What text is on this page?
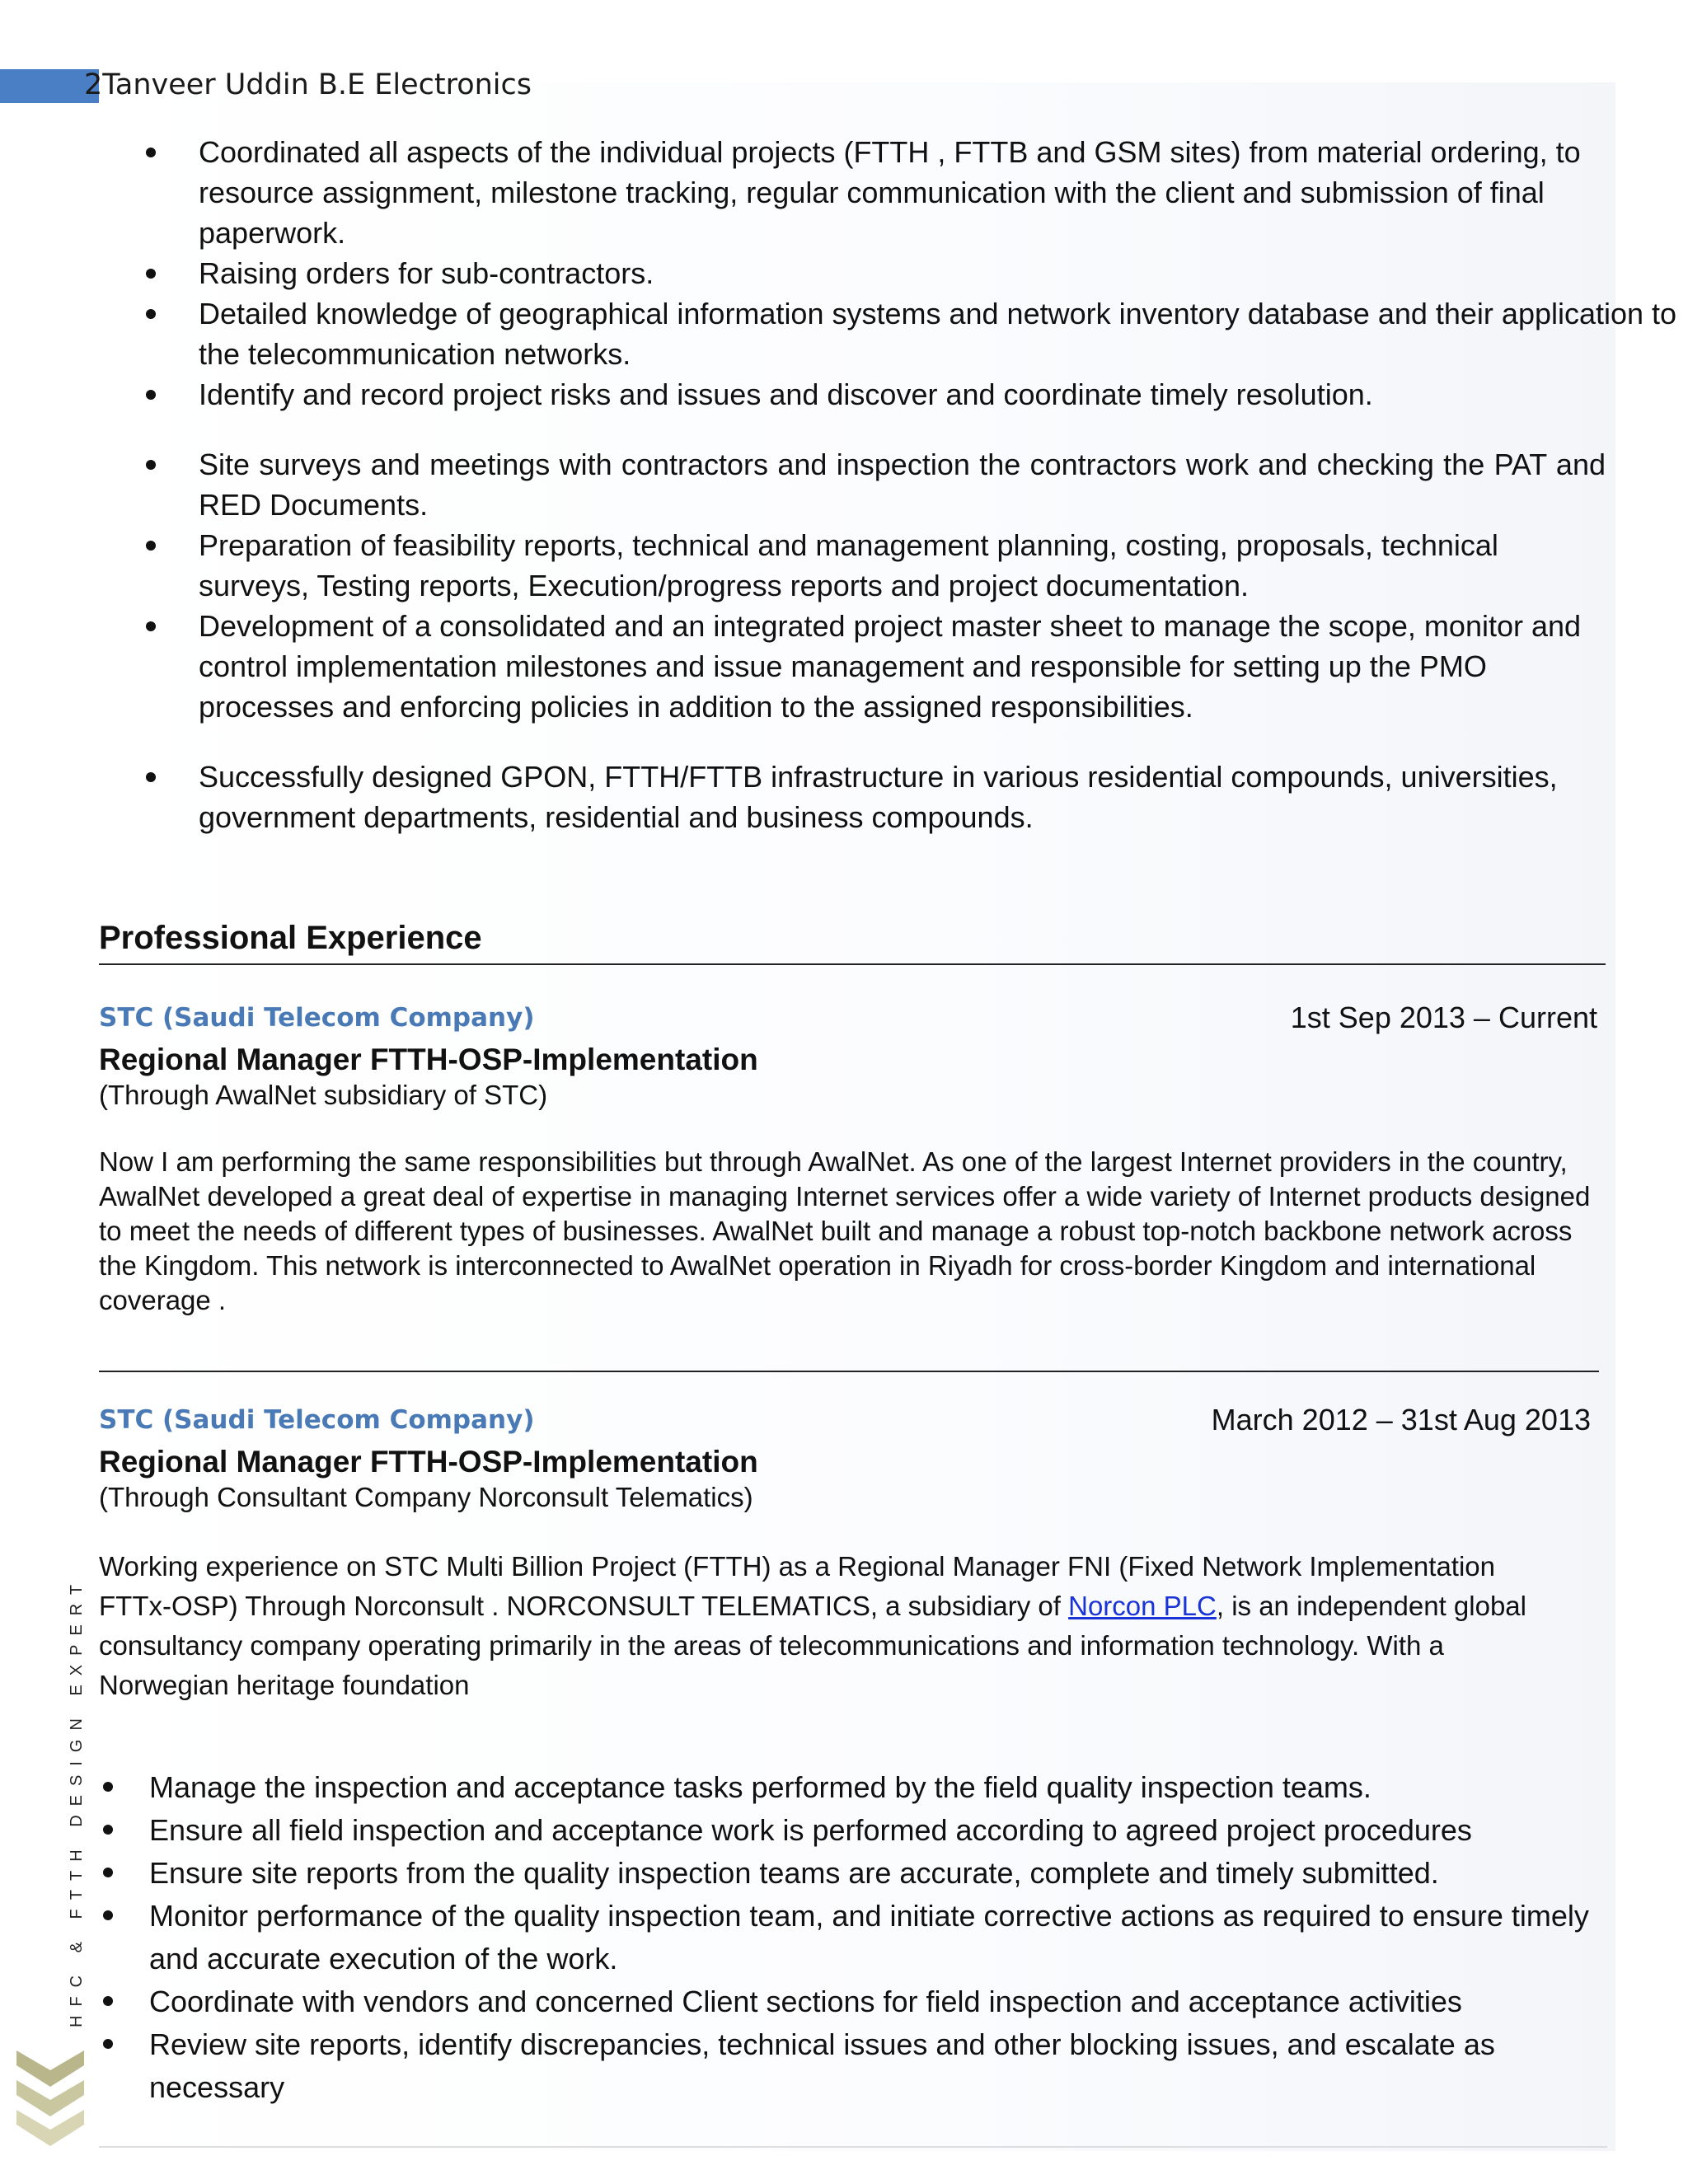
2Tanveer Uddin B.E Electronics
HFC & FTTH DESIGN EXPERT
Coordinated all aspects of the individual projects (FTTH , FTTB and GSM sites) from material ordering, to resource assignment, milestone tracking, regular communication with the client and submission of final paperwork.
Raising orders for sub-contractors.
Detailed knowledge of geographical information systems and network inventory database and their application to the telecommunication networks.
Identify and record project risks and issues and discover and coordinate timely resolution.
Site surveys and meetings with contractors and inspection the contractors work and checking the PAT and RED Documents.
Preparation of feasibility reports, technical and management planning, costing, proposals, technical surveys, Testing reports, Execution/progress reports and project documentation.
Development of a consolidated and an integrated project master sheet to manage the scope, monitor and control implementation milestones and issue management and responsible for setting up the PMO processes and enforcing policies in addition to the assigned responsibilities.
Successfully designed GPON, FTTH/FTTB infrastructure in various residential compounds, universities, government departments, residential and business compounds.
Professional Experience
STC (Saudi Telecom Company)	1st Sep 2013 – Current
Regional Manager FTTH-OSP-Implementation
(Through AwalNet subsidiary of STC)
Now I am performing the same responsibilities but through AwalNet. As one of the largest Internet providers in the country, AwalNet developed a great deal of expertise in managing Internet services offer a wide variety of Internet products designed to meet the needs of different types of businesses. AwalNet built and manage a robust top-notch backbone network across the Kingdom. This network is interconnected to AwalNet operation in Riyadh for cross-border Kingdom and international coverage .
STC (Saudi Telecom Company)	March 2012 – 31st Aug 2013
Regional Manager FTTH-OSP-Implementation
(Through Consultant Company Norconsult Telematics)
Working experience on STC Multi Billion Project (FTTH) as a Regional Manager FNI (Fixed Network Implementation FTTx-OSP) Through Norconsult . NORCONSULT TELEMATICS, a subsidiary of Norcon PLC, is an independent global consultancy company operating primarily in the areas of telecommunications and information technology. With a Norwegian heritage foundation
Manage the inspection and acceptance tasks performed by the field quality inspection teams.
Ensure all field inspection and acceptance work is performed according to agreed project procedures
Ensure site reports from the quality inspection teams are accurate, complete and timely submitted.
Monitor performance of the quality inspection team, and initiate corrective actions as required to ensure timely and accurate execution of the work.
Coordinate with vendors and concerned Client sections for field inspection and acceptance activities
Review site reports, identify discrepancies, technical issues and other blocking issues, and escalate as necessary
